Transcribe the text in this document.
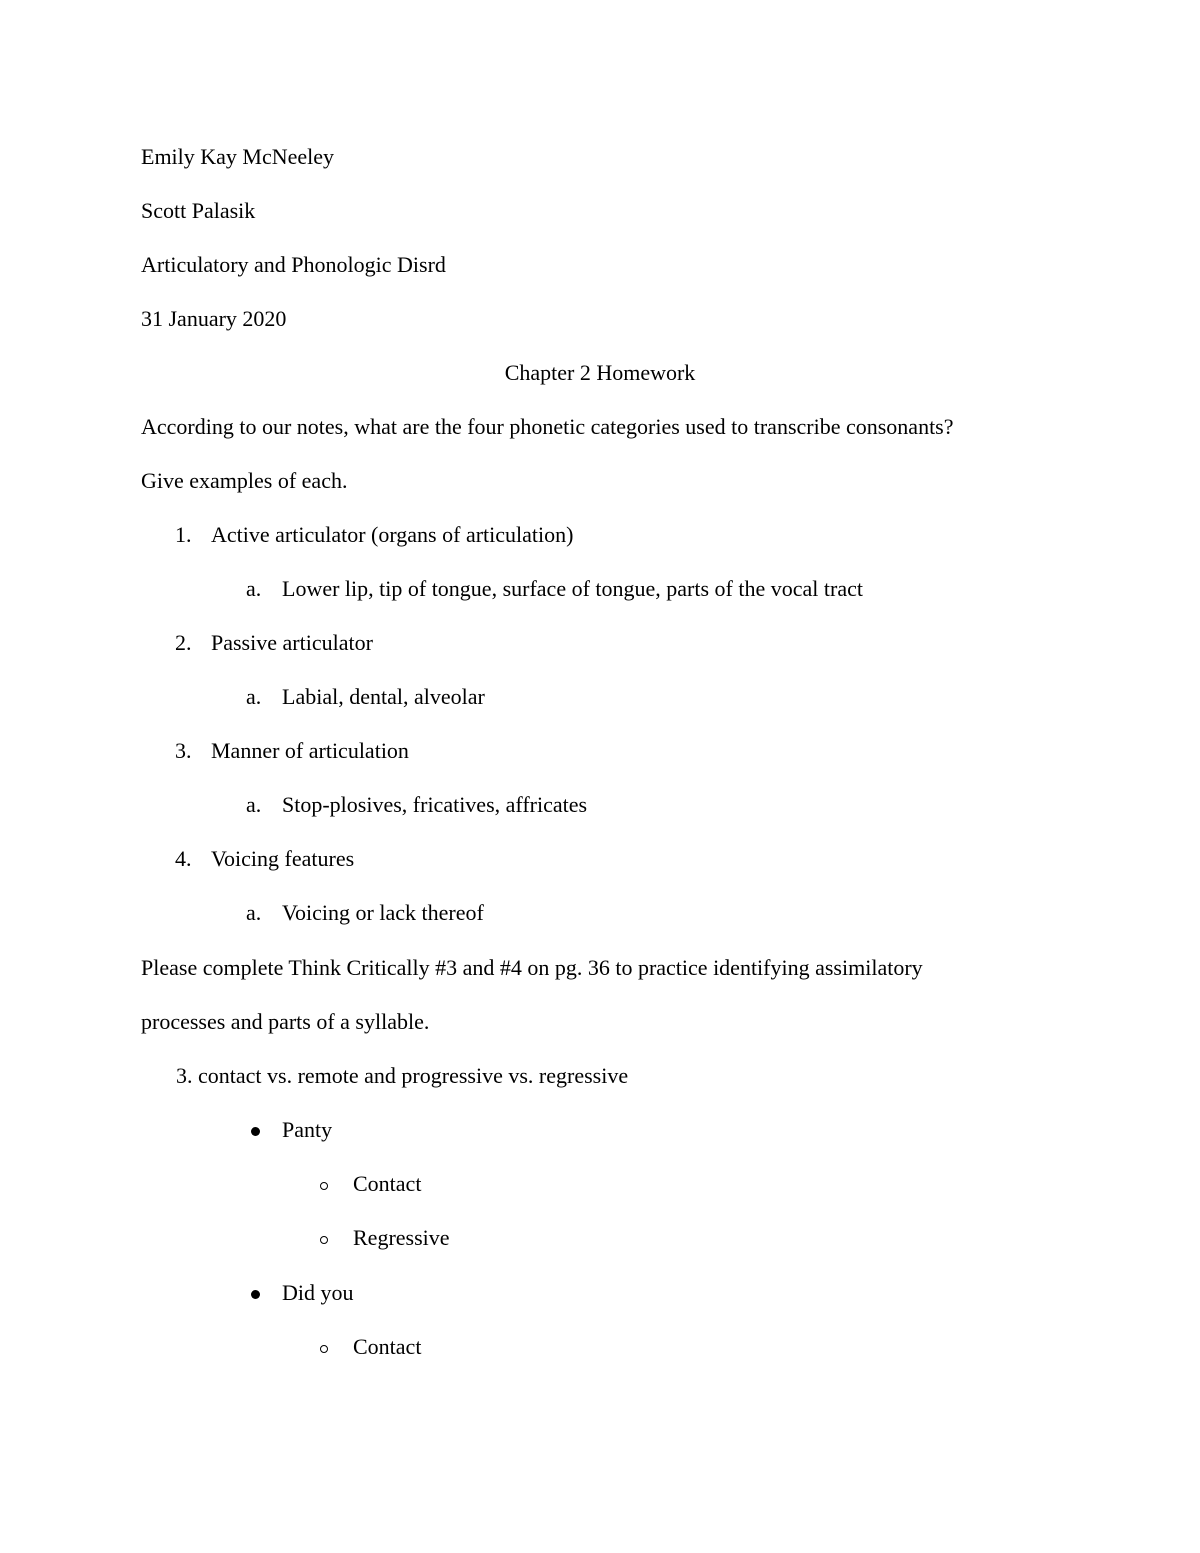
Emily Kay McNeeley
Scott Palasik
Articulatory and Phonologic Disrd
31 January 2020
Chapter 2 Homework
According to our notes, what are the four phonetic categories used to transcribe consonants?
Give examples of each.
1. Active articulator (organs of articulation)
a. Lower lip, tip of tongue, surface of tongue, parts of the vocal tract
2. Passive articulator
a. Labial, dental, alveolar
3. Manner of articulation
a. Stop-plosives, fricatives, affricates
4. Voicing features
a. Voicing or lack thereof
Please complete Think Critically #3 and #4 on pg. 36 to practice identifying assimilatory
processes and parts of a syllable.
3. contact vs. remote and progressive vs. regressive
Panty
Contact
Regressive
Did you
Contact
